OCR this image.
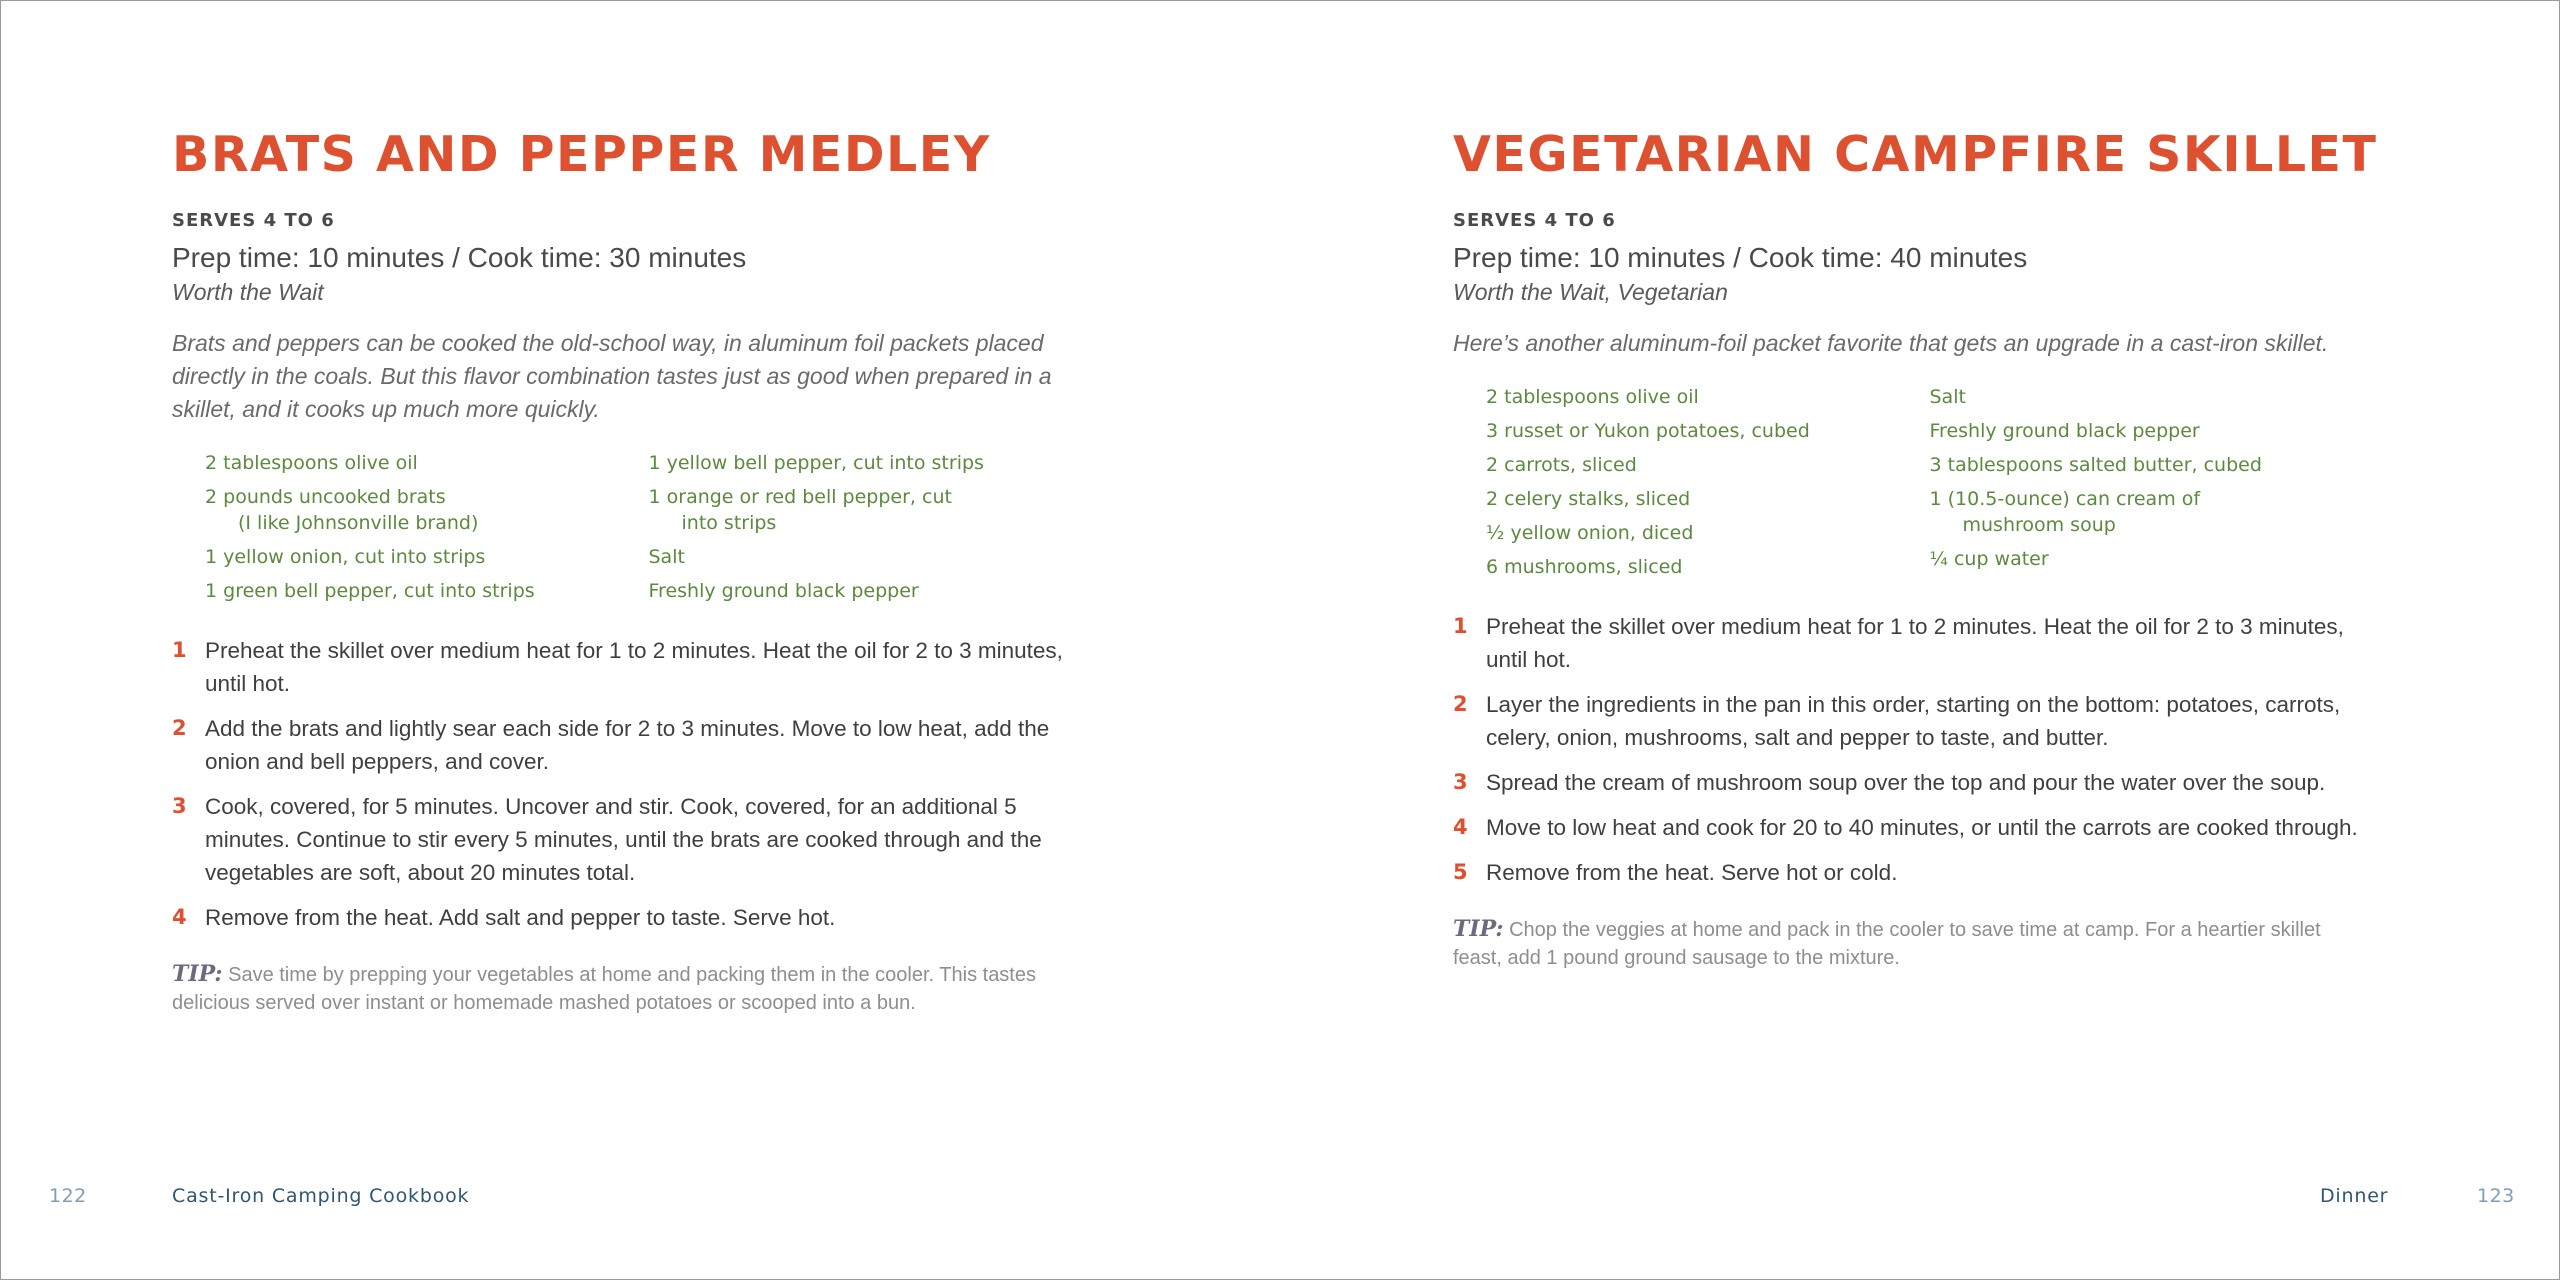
BRATS AND PEPPER MEDLEY
SERVES 4 TO 6
Prep time: 10 minutes / Cook time: 30 minutes
Worth the Wait
Brats and peppers can be cooked the old-school way, in aluminum foil packets placed directly in the coals. But this flavor combination tastes just as good when prepared in a skillet, and it cooks up much more quickly.
2 tablespoons olive oil
2 pounds uncooked brats
(I like Johnsonville brand)
1 yellow onion, cut into strips
1 green bell pepper, cut into strips
1 yellow bell pepper, cut into strips
1 orange or red bell pepper, cut
into strips
Salt
Freshly ground black pepper
1 Preheat the skillet over medium heat for 1 to 2 minutes. Heat the oil for 2 to 3 minutes, until hot.
2 Add the brats and lightly sear each side for 2 to 3 minutes. Move to low heat, add the onion and bell peppers, and cover.
3 Cook, covered, for 5 minutes. Uncover and stir. Cook, covered, for an additional 5 minutes. Continue to stir every 5 minutes, until the brats are cooked through and the vegetables are soft, about 20 minutes total.
4 Remove from the heat. Add salt and pepper to taste. Serve hot.
TIP: Save time by prepping your vegetables at home and packing them in the cooler. This tastes delicious served over instant or homemade mashed potatoes or scooped into a bun.
122	Cast-Iron Camping Cookbook
VEGETARIAN CAMPFIRE SKILLET
SERVES 4 TO 6
Prep time: 10 minutes / Cook time: 40 minutes
Worth the Wait, Vegetarian
Here’s another aluminum-foil packet favorite that gets an upgrade in a cast-iron skillet.
2 tablespoons olive oil
3 russet or Yukon potatoes, cubed
2 carrots, sliced
2 celery stalks, sliced
½ yellow onion, diced
6 mushrooms, sliced
Salt
Freshly ground black pepper
3 tablespoons salted butter, cubed
1 (10.5-ounce) can cream of
mushroom soup
¼ cup water
1 Preheat the skillet over medium heat for 1 to 2 minutes. Heat the oil for 2 to 3 minutes, until hot.
2 Layer the ingredients in the pan in this order, starting on the bottom: potatoes, carrots, celery, onion, mushrooms, salt and pepper to taste, and butter.
3 Spread the cream of mushroom soup over the top and pour the water over the soup.
4 Move to low heat and cook for 20 to 40 minutes, or until the carrots are cooked through.
5 Remove from the heat. Serve hot or cold.
TIP: Chop the veggies at home and pack in the cooler to save time at camp. For a heartier skillet feast, add 1 pound ground sausage to the mixture.
Dinner	123
